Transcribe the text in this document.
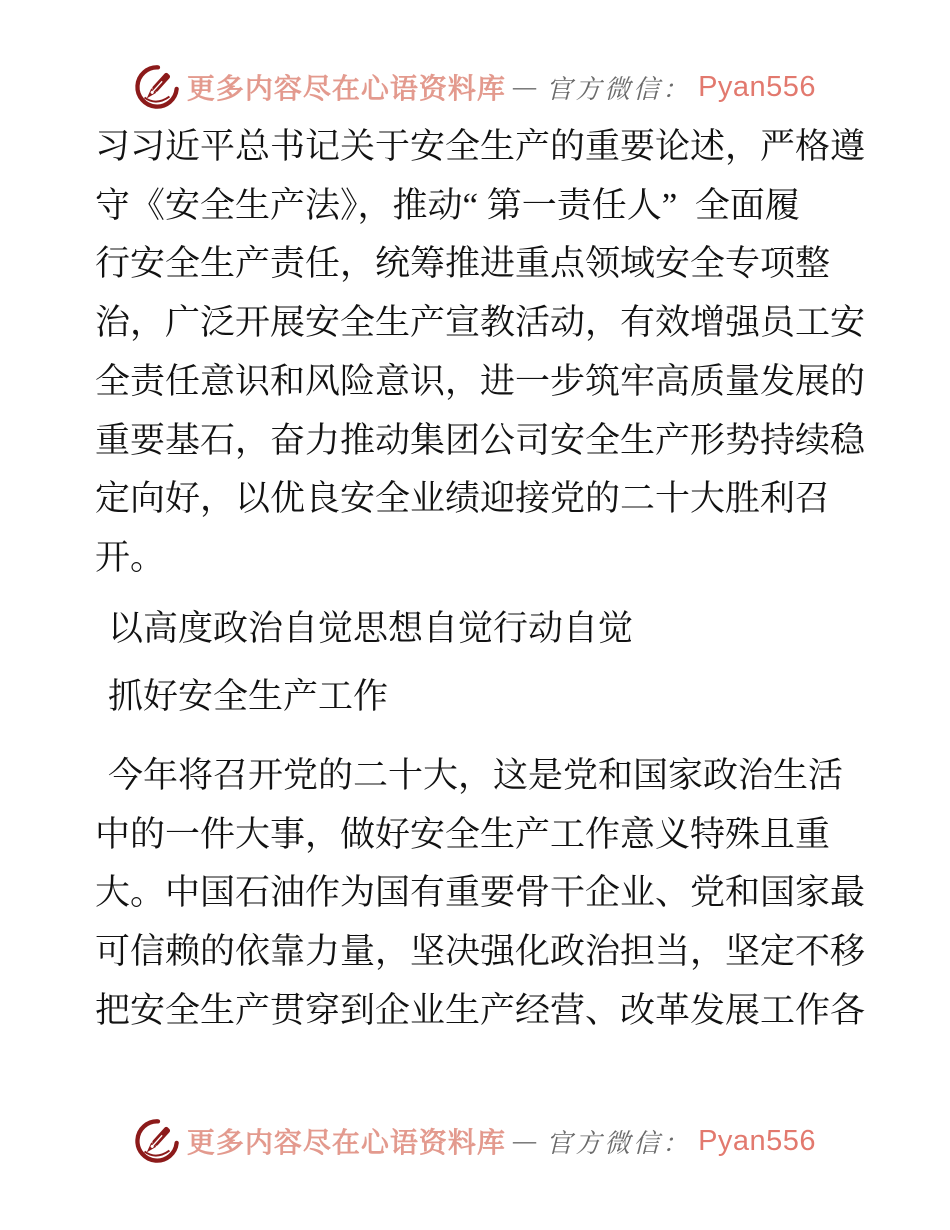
更多内容尽在心语资料库 — 官方微信： Pyan556
习习近平总书记关于安全生产的重要论述，严格遵
守《安全生产法》，推动“ 第一责任人”  全面履
行安全生产责任，统筹推进重点领域安全专项整
治，广泛开展安全生产宣教活动，有效增强员工安
全责任意识和风险意识，进一步筑牢高质量发展的
重要基石，奋力推动集团公司安全生产形势持续稳
定向好，以优良安全业绩迎接党的二十大胜利召
开。
以高度政治自觉思想自觉行动自觉
抓好安全生产工作
今年将召开党的二十大，这是党和国家政治生活
中的一件大事，做好安全生产工作意义特殊且重
大。中国石油作为国有重要骨干企业、党和国家最
可信赖的依靠力量，坚决强化政治担当，坚定不移
把安全生产贯穿到企业生产经营、改革发展工作各
更多内容尽在心语资料库 — 官方微信： Pyan556
